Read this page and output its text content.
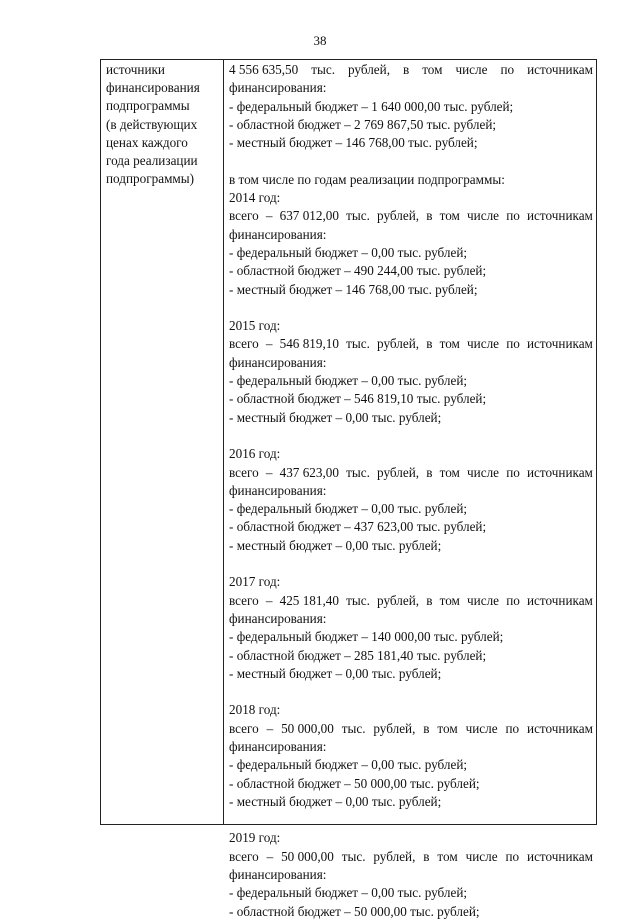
38
источники
финансирования
подпрограммы
(в действующих
ценах каждого
года реализации
подпрограммы)
4 556 635,50 тыс. рублей, в том числе по источникам
финансирования:
- федеральный бюджет – 1 640 000,00 тыс. рублей;
- областной бюджет – 2 769 867,50 тыс. рублей;
- местный бюджет – 146 768,00 тыс. рублей;
в том числе по годам реализации подпрограммы:
2014 год:
всего – 637 012,00 тыс. рублей, в том числе по источникам
финансирования:
- федеральный бюджет – 0,00 тыс. рублей;
- областной бюджет – 490 244,00 тыс. рублей;
- местный бюджет – 146 768,00 тыс. рублей;
2015 год:
всего – 546 819,10 тыс. рублей, в том числе по источникам
финансирования:
- федеральный бюджет – 0,00 тыс. рублей;
- областной бюджет – 546 819,10 тыс. рублей;
- местный бюджет – 0,00 тыс. рублей;
2016 год:
всего – 437 623,00 тыс. рублей, в том числе по источникам
финансирования:
- федеральный бюджет – 0,00 тыс. рублей;
- областной бюджет – 437 623,00 тыс. рублей;
- местный бюджет – 0,00 тыс. рублей;
2017 год:
всего – 425 181,40 тыс. рублей, в том числе по источникам
финансирования:
- федеральный бюджет – 140 000,00 тыс. рублей;
- областной бюджет – 285 181,40 тыс. рублей;
- местный бюджет – 0,00 тыс. рублей;
2018 год:
всего – 50 000,00 тыс. рублей, в том числе по источникам
финансирования:
- федеральный бюджет – 0,00 тыс. рублей;
- областной бюджет – 50 000,00 тыс. рублей;
- местный бюджет – 0,00 тыс. рублей;
2019 год:
всего – 50 000,00 тыс. рублей, в том числе по источникам
финансирования:
- федеральный бюджет – 0,00 тыс. рублей;
- областной бюджет – 50 000,00 тыс. рублей;
